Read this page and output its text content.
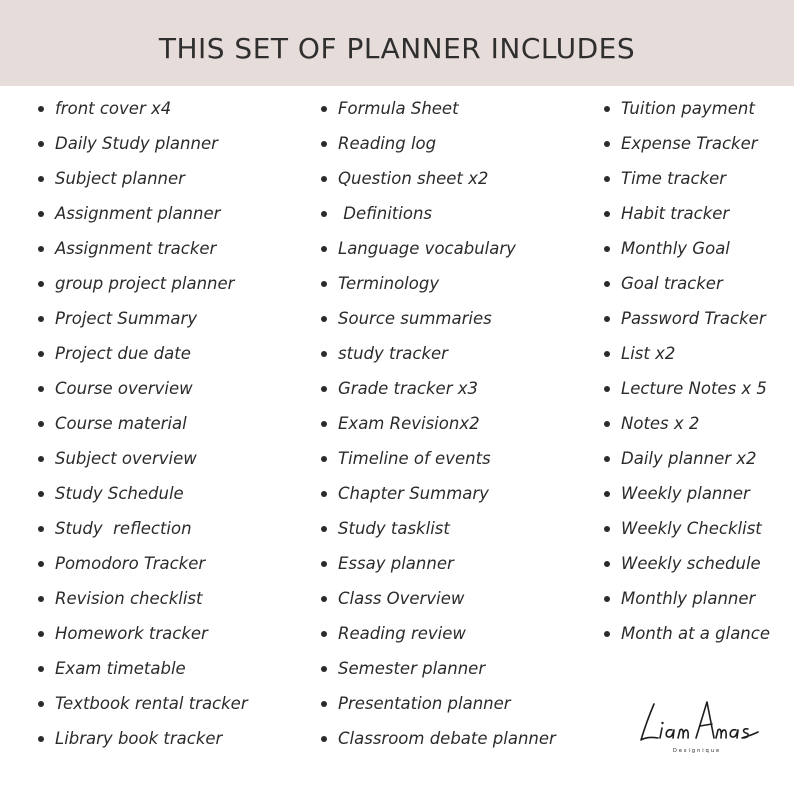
THIS SET OF PLANNER INCLUDES
front cover x4
Daily Study planner
Subject planner
Assignment planner
Assignment tracker
group project planner
Project Summary
Project due date
Course overview
Course material
Subject overview
Study Schedule
Study  reflection
Pomodoro Tracker
Revision checklist
Homework tracker
Exam timetable
Textbook rental tracker
Library book tracker
Formula Sheet
Reading log
Question sheet x2
Definitions
Language vocabulary
Terminology
Source summaries
study tracker
Grade tracker x3
Exam Revisionx2
Timeline of events
Chapter Summary
Study tasklist
Essay planner
Class Overview
Reading review
Semester planner
Presentation planner
Classroom debate planner
Tuition payment
Expense Tracker
Time tracker
Habit tracker
Monthly Goal
Goal tracker
Password Tracker
List x2
Lecture Notes x 5
Notes x 2
Daily planner x2
Weekly planner
Weekly Checklist
Weekly schedule
Monthly planner
Month at a glance
Designique
